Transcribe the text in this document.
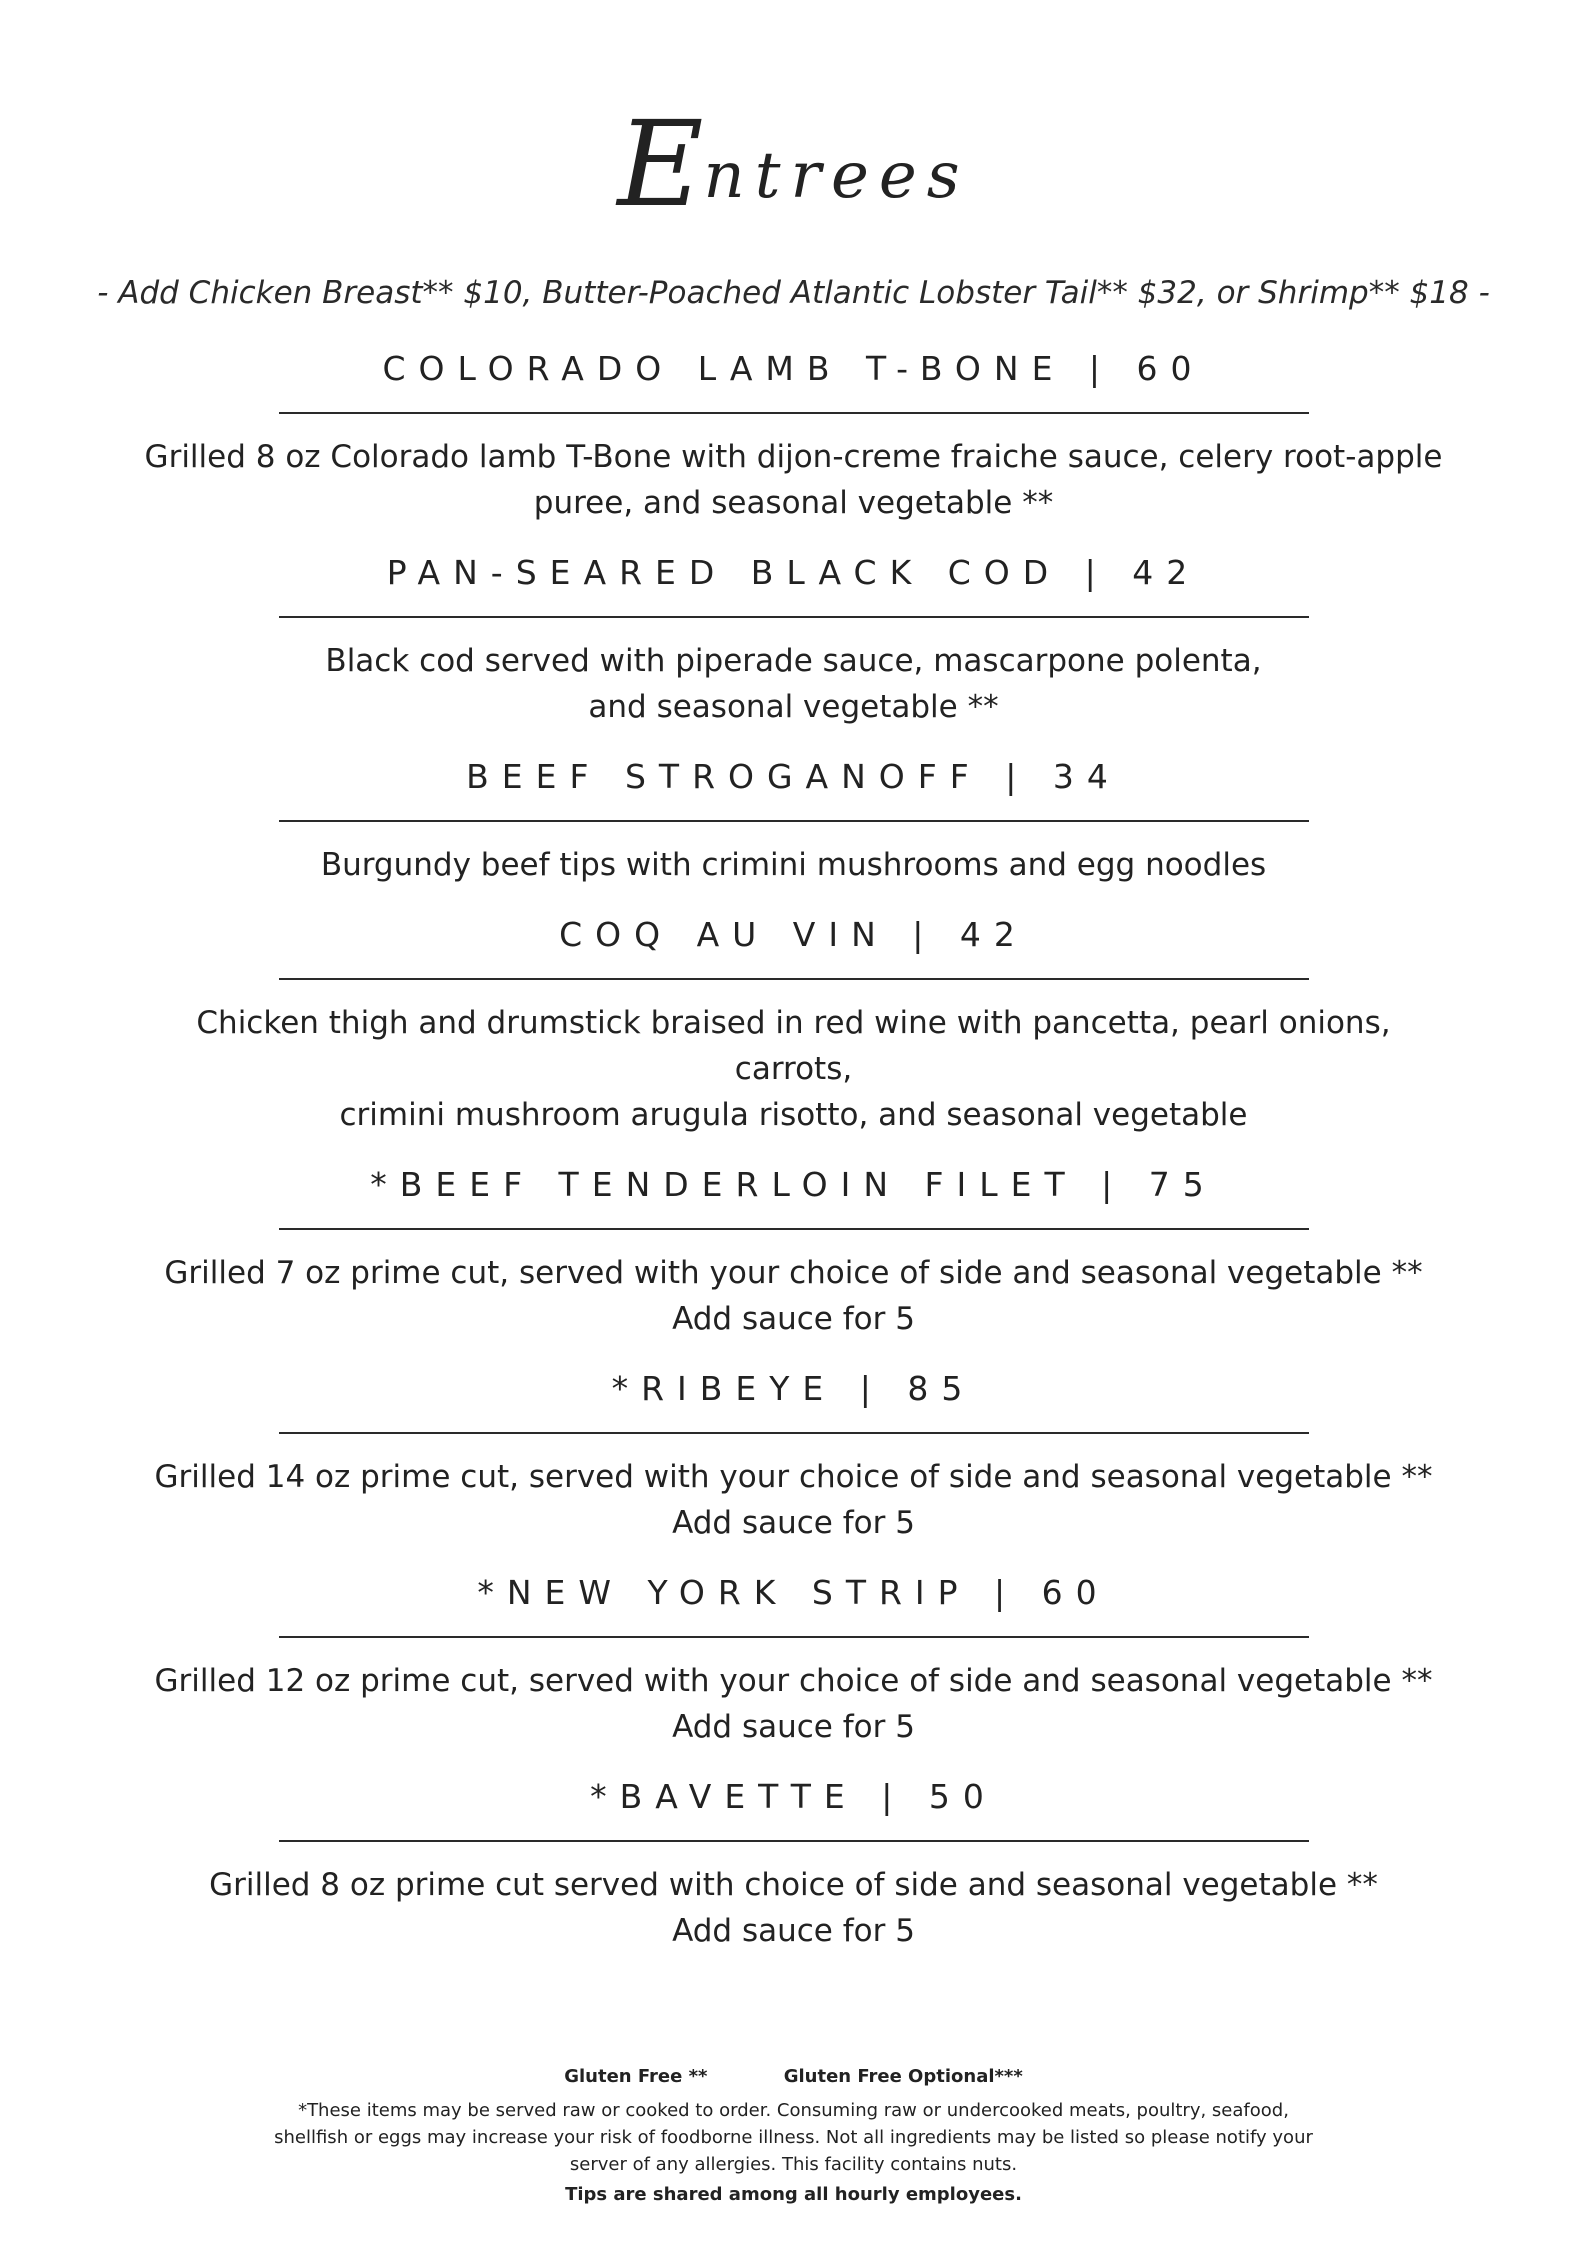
Entrees
- Add Chicken Breast** $10, Butter-Poached Atlantic Lobster Tail** $32, or Shrimp** $18 -
COLORADO LAMB T-BONE | 60
Grilled 8 oz Colorado lamb T-Bone with dijon-creme fraiche sauce, celery root-apple
puree, and seasonal vegetable **
PAN-SEARED BLACK COD | 42
Black cod served with piperade sauce, mascarpone polenta,
and seasonal vegetable **
BEEF STROGANOFF | 34
Burgundy beef tips with crimini mushrooms and egg noodles
COQ AU VIN | 42
Chicken thigh and drumstick braised in red wine with pancetta, pearl onions, carrots,
crimini mushroom arugula risotto, and seasonal vegetable
*BEEF TENDERLOIN FILET | 75
Grilled 7 oz prime cut, served with your choice of side and seasonal vegetable **
Add sauce for 5
*RIBEYE | 85
Grilled 14 oz prime cut, served with your choice of side and seasonal vegetable **
Add sauce for 5
*NEW YORK STRIP | 60
Grilled 12 oz prime cut, served with your choice of side and seasonal vegetable **
Add sauce for 5
*BAVETTE | 50
Grilled 8 oz prime cut served with choice of side and seasonal vegetable **
Add sauce for 5
Gluten Free **	Gluten Free Optional***
*These items may be served raw or cooked to order. Consuming raw or undercooked meats, poultry, seafood,
shellfish or eggs may increase your risk of foodborne illness. Not all ingredients may be listed so please notify your
server of any allergies. This facility contains nuts.
Tips are shared among all hourly employees.
